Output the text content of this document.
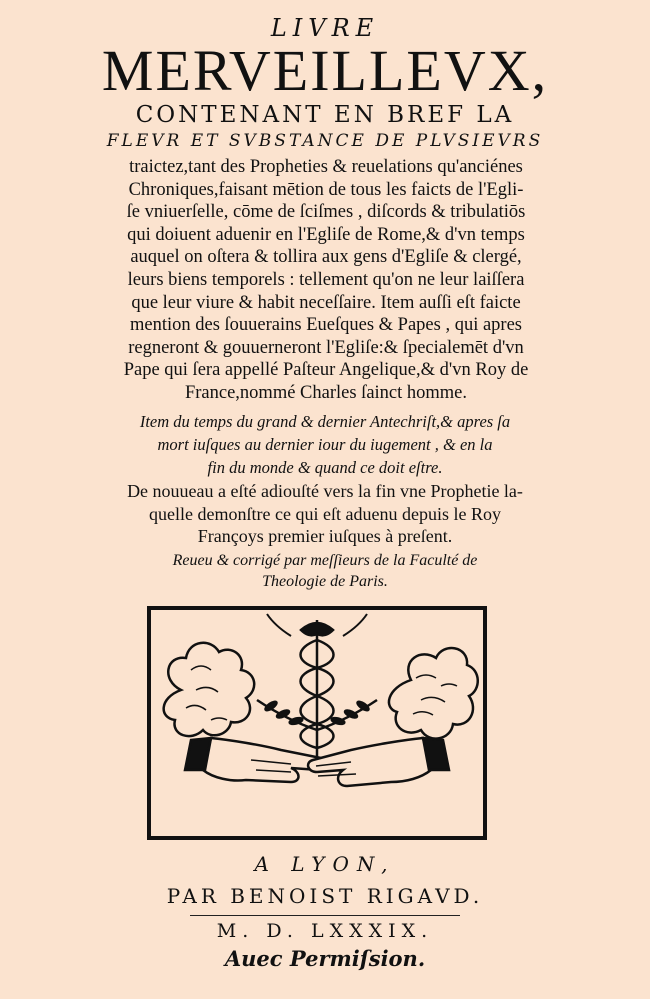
LIVRE
MERVEILLEVX,
CONTENANT EN BREF LA
FLEVR ET SVBSTANCE DE PLVSIEVRS
traictez,tant des Propheties & reuelations qu'anciénes
Chroniques,faisant mētion de tous les faicts de l'Egli-
ſe vniuerſelle, cōme de ſciſmes , diſcords & tribulatiōs
qui doiuent aduenir en l'Egliſe de Rome,& d'vn temps
auquel on oſtera & tollira aux gens d'Egliſe & clergé,
leurs biens temporels : tellement qu'on ne leur laiſſera
que leur viure & habit neceſſaire. Item auſſi eſt faicte
mention des ſouuerains Eueſques & Papes , qui apres
regneront & gouuerneront l'Egliſe:& ſpecialemēt d'vn
Pape qui ſera appellé Paſteur Angelique,& d'vn Roy de
France,nommé Charles ſainct homme.
Item du temps du grand & dernier Antechriſt,& apres ſa
mort iuſques au dernier iour du iugement , & en la
fin du monde & quand ce doit eſtre.
De nouueau a eſté adiouſté vers la fin vne Prophetie la-
quelle demonſtre ce qui eſt aduenu depuis le Roy
Françoys premier iuſques à preſent.
Reueu & corrigé par meſſieurs de la Faculté de
Theologie de Paris.
A LYON,
PAR BENOIST RIGAVD.
M. D. LXXXIX.
Auec Permiſsion.
